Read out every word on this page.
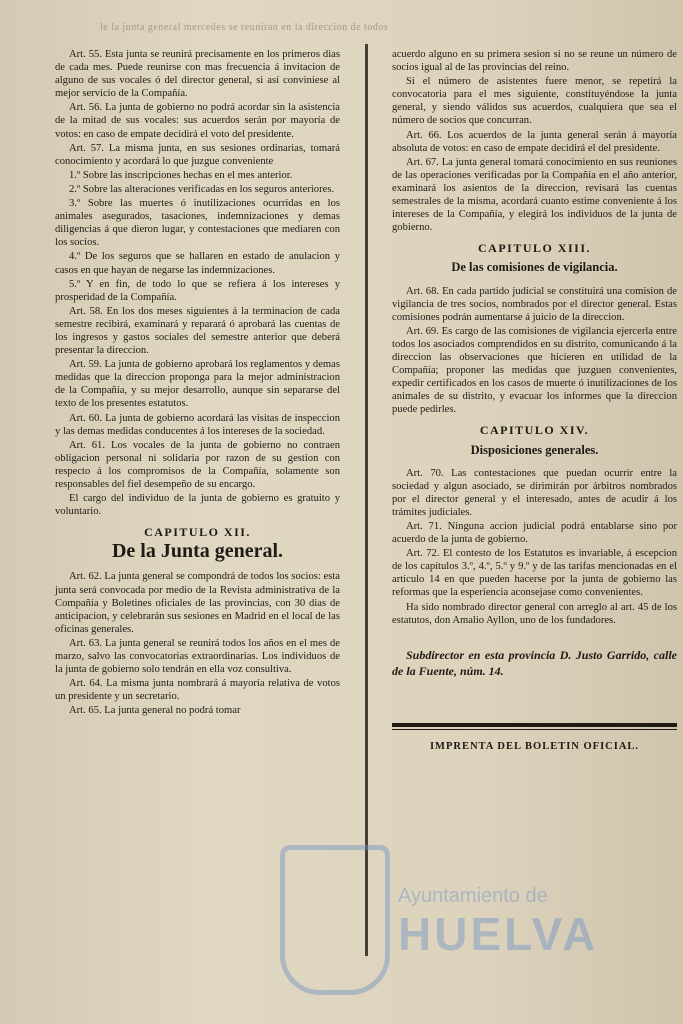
le la junta general mercedes se reuniran en la direccion de todos

Art. 55. Esta junta se reunirá precisamente en los primeros dias de cada mes. Puede reunirse con mas frecuencia á invitacion de alguno de sus vocales ó del director general, si así conviniese al mejor servicio de la Compañía.

Art. 56. La junta de gobierno no podrá acordar sin la asistencia de la mitad de sus vocales: sus acuerdos serán por mayoría de votos: en caso de empate decidirá el voto del presidente.

Art. 57. La misma junta, en sus sesiones ordinarias, tomará conocimiento y acordará lo que juzgue conveniente

1.º Sobre las inscripciones hechas en el mes anterior.

2.º Sobre las alteraciones verificadas en los seguros anteriores.

3.º Sobre las muertes ó inutilizaciones ocurridas en los animales asegurados, tasaciones, indemnizaciones y demas diligencias á que dieron lugar, y contestaciones que mediaren con los socios.

4.º De los seguros que se hallaren en estado de anulacion y casos en que hayan de negarse las indemnizaciones.

5.º Y en fin, de todo lo que se refiera á los intereses y prosperidad de la Compañía.

Art. 58. En los dos meses siguientes á la terminacion de cada semestre recibirá, examinará y reparará ó aprobará las cuentas de los ingresos y gastos sociales del semestre anterior que deberá presentar la direccion.

Art. 59. La junta de gobierno aprobará los reglamentos y demas medidas que la direccion proponga para la mejor administracion de la Compañía, y su mejor desarrollo, aunque sin separarse del texto de los presentes estatutos.

Art. 60. La junta de gobierno acordará las visitas de inspeccion y las demas medidas conducentes á los intereses de la sociedad.

Art. 61. Los vocales de la junta de gobierno no contraen obligacion personal ni solidaria por razon de su gestion con respecto á los compromisos de la Compañía, solamente son responsables del fiel desempeño de su encargo.

El cargo del individuo de la junta de gobierno es gratuito y voluntario.

CAPITULO XII.
De la Junta general.

Art. 62. La junta general se compondrá de todos los socios: esta junta será convocada por medio de la Revista administrativa de la Compañía y Boletines oficiales de las provincias, con 30 dias de anticipacion, y celebrarán sus sesiones en Madrid en el local de las oficinas generales.

Art. 63. La junta general se reunirá todos los años en el mes de marzo, salvo las convocatorias extraordinarias. Los individuos de la junta de gobierno solo tendrán en ella voz consultiva.

Art. 64. La misma junta nombrará á mayoría relativa de votos un presidente y un secretario.

Art. 65. La junta general no podrá tomar

acuerdo alguno en su primera sesion si no se reune un número de socios igual al de las provincias del reino.

Si el número de asistentes fuere menor, se repetirá la convocatoria para el mes siguiente, constituyéndose la junta general, y siendo válidos sus acuerdos, cualquiera que sea el número de socios que concurran.

Art. 66. Los acuerdos de la junta general serán á mayoría absoluta de votos: en caso de empate decidirá el del presidente.

Art. 67. La junta general tomará conocimiento en sus reuniones de las operaciones verificadas por la Compañía en el año anterior, examinará los asientos de la direccion, revisará las cuentas semestrales de la misma, acordará cuanto estime conveniente á los intereses de la Compañía, y elegirá los individuos de la junta de gobierno.

CAPITULO XIII.
De las comisiones de vigilancia.

Art. 68. En cada partido judicial se constituirá una comision de vigilancia de tres socios, nombrados por el director general. Estas comisiones podrán aumentarse á juicio de la direccion.

Art. 69. Es cargo de las comisiones de vigilancia ejercerla entre todos los asociados comprendidos en su distrito, comunicando á la direccion las observaciones que hicieren en utilidad de la Compañía; proponer las medidas que juzguen convenientes, expedir certificados en los casos de muerte ó inutilizaciones de los animales de su distrito, y evacuar los informes que la direccion puede pedirles.

CAPITULO XIV.
Disposiciones generales.

Art. 70. Las contestaciones que puedan ocurrir entre la sociedad y algun asociado, se dirimirán por árbitros nombrados por el director general y el interesado, antes de acudir á los trámites judiciales.

Art. 71. Ninguna accion judicial podrá entablarse sino por acuerdo de la junta de gobierno.

Art. 72. El contesto de los Estatutos es invariable, á escepcion de los capítulos 3.º, 4.º, 5.º y 9.º y de las tarifas mencionadas en el artículo 14 en que pueden hacerse por la junta de gobierno las reformas que la esperiencia aconsejase como convenientes.

Ha sido nombrado director general con arreglo al art. 45 de los estatutos, don Amalio Ayllon, uno de los fundadores.

Subdirector en esta provincia D. Justo Garrido, calle de la Fuente, núm. 14.
IMPRENTA DEL BOLETIN OFICIAL.
Ayuntamiento de
HUELVA
